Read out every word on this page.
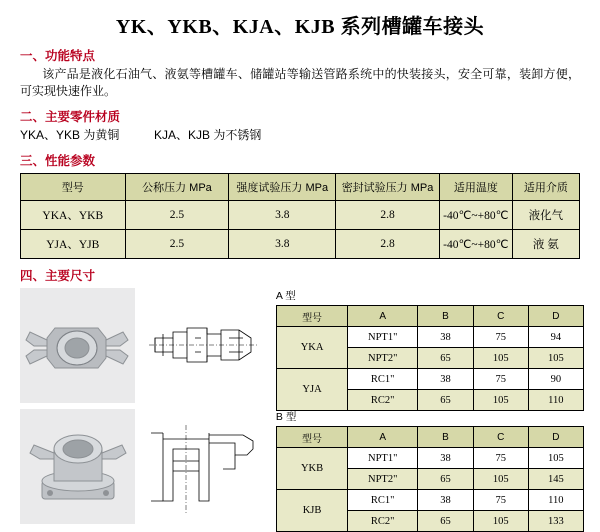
YK、YKB、KJA、KJB 系列槽罐车接头
一、功能特点
该产品是液化石油气、液氨等槽罐车、储罐站等输送管路系统中的快装接头，安全可靠，装卸方便，可实现快速作业。
二、主要零件材质
YKA、YKB 为黄铜	KJA、KJB 为不锈钢
三、性能参数
型号	公称压力 MPa	强度试验压力 MPa	密封试验压力 MPa	适用温度	适用介质
YKA、YKB	2.5	3.8	2.8	-40℃~+80℃	液化气
YJA、YJB	2.5	3.8	2.8	-40℃~+80℃	液 氨
四、主要尺寸

A 型
型号	A	B	C	D
YKA	NPT1"	38	75	94
	NPT2"	65	105	105
YJA	RC1"	38	75	90
	RC2"	65	105	110

B 型
型号	A	B	C	D
YKB	NPT1"	38	75	105
	NPT2"	65	105	145
KJB	RC1"	38	75	110
	RC2"	65	105	133
